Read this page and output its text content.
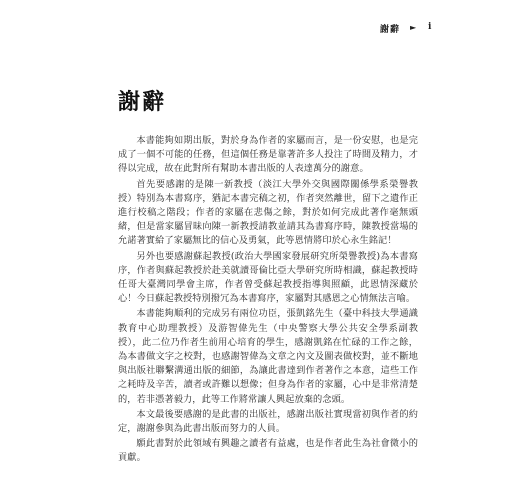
謝辭 ► i
謝辭

本書能夠如期出版，對於身為作者的家屬而言，是一份安慰，也是完成了一個不可能的任務，但這個任務是靠著許多人投注了時間及精力，才得以完成，故在此對所有幫助本書出版的人表達萬分的謝意。

首先要感謝的是陳一新教授（淡江大學外交與國際關係學系榮譽教授）特別為本書寫序，猶記本書完稿之初，作者突然離世，留下之遺作正進行校稿之階段；作者的家屬在悲傷之餘，對於如何完成此著作毫無頭緒，但是當家屬冒昧向陳一新教授請教並請其為書寫序時，陳教授當場的允諾著實給了家屬無比的信心及勇氣，此等恩情將印於心永生銘記！

另外也要感謝蘇起教授(政治大學國家發展研究所榮譽教授)為本書寫序，作者與蘇起教授於赴美就讀哥倫比亞大學研究所時相識，蘇起教授時任哥大臺灣同學會主席，作者曾受蘇起教授指導與照顧，此恩情深藏於心！今日蘇起教授特別撥冗為本書寫序，家屬對其感恩之心情無法言喻。

本書能夠順利的完成另有兩位功臣，張凱銘先生（臺中科技大學通識教育中心助理教授）及游智偉先生（中央警察大學公共安全學系副教授），此二位乃作者生前用心培育的學生，感謝凱銘在忙碌的工作之餘，為本書做文字之校對，也感謝智偉為文章之內文及圖表做校對，並不斷地與出版社聯繫溝通出版的細節，為讓此書達到作者著作之本意，這些工作之耗時及辛苦，讀者或許難以想像；但身為作者的家屬，心中是非常清楚的，若非憑著毅力，此等工作將常讓人興起放棄的念頭。

本文最後要感謝的是此書的出版社，感謝出版社實現當初與作者的約定，謝謝參與為此書出版而努力的人員。

願此書對於此領域有興趣之讀者有益處，也是作者此生為社會微小的貢獻。
